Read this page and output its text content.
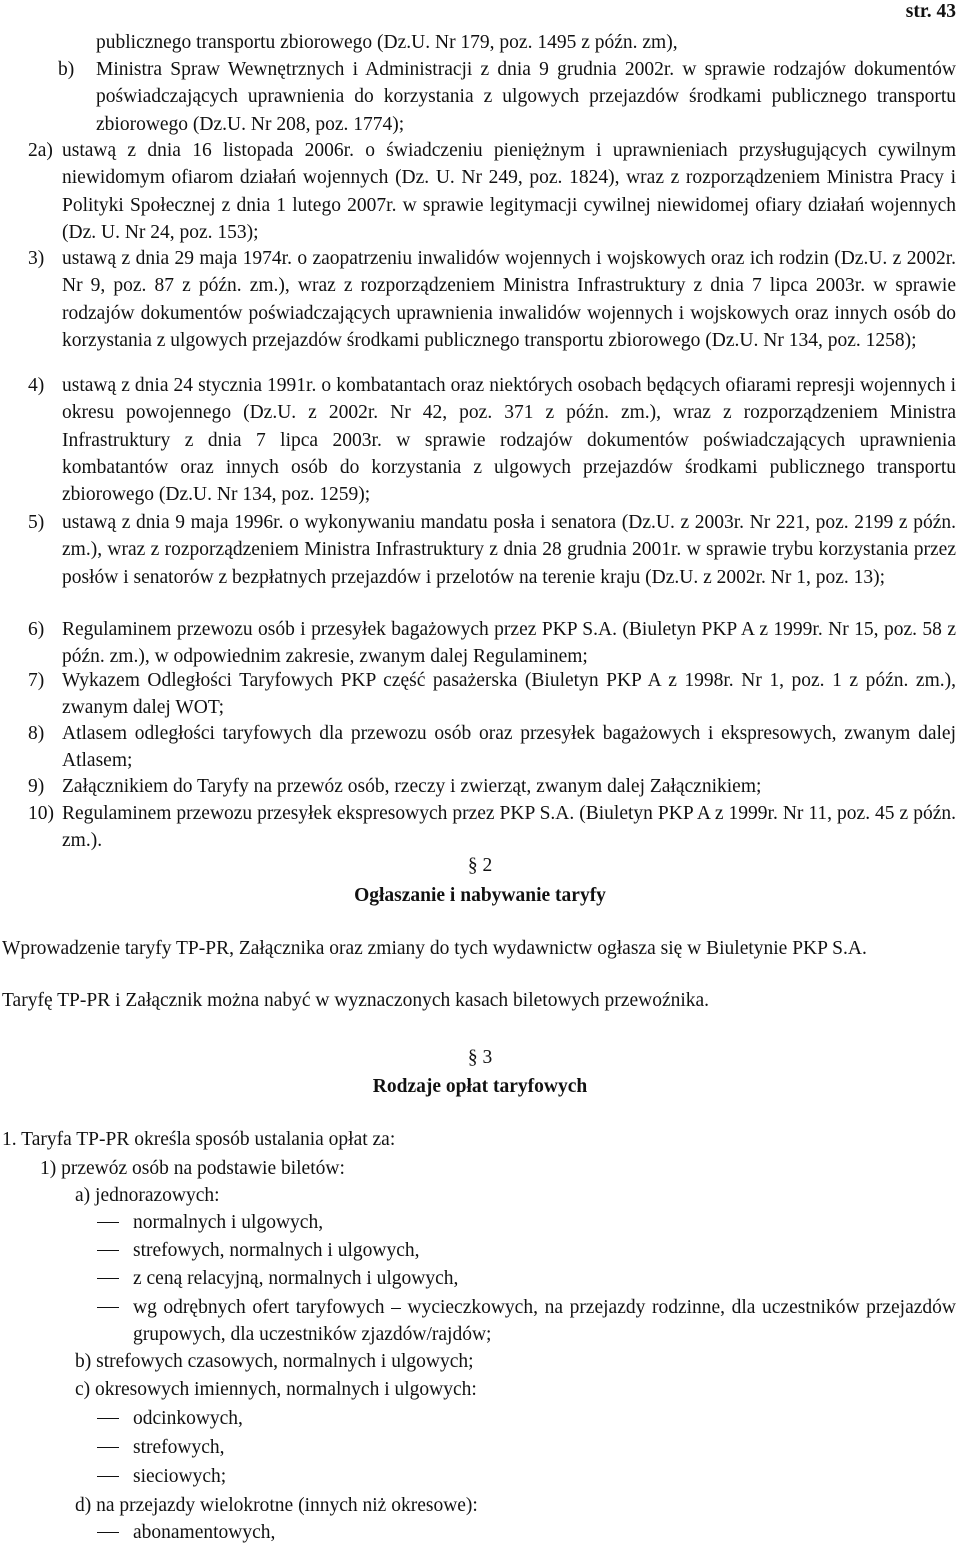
str. 43
publicznego transportu zbiorowego (Dz.U. Nr 179, poz. 1495 z późn. zm),
b) Ministra Spraw Wewnętrznych i Administracji z dnia 9 grudnia 2002r. w sprawie rodzajów dokumentów poświadczających uprawnienia do korzystania z ulgowych przejazdów środkami publicznego transportu zbiorowego (Dz.U. Nr 208, poz. 1774);
2a) ustawą z dnia 16 listopada 2006r. o świadczeniu pieniężnym i uprawnieniach przysługujących cywilnym niewidomym ofiarom działań wojennych (Dz. U. Nr 249, poz. 1824), wraz z rozporządzeniem Ministra Pracy i Polityki Społecznej z dnia 1 lutego 2007r. w sprawie legitymacji cywilnej niewidomej ofiary działań wojennych (Dz. U. Nr 24, poz. 153);
3) ustawą z dnia 29 maja 1974r. o zaopatrzeniu inwalidów wojennych i wojskowych oraz ich rodzin (Dz.U. z 2002r. Nr 9, poz. 87 z późn. zm.), wraz z rozporządzeniem Ministra Infrastruktury z dnia 7 lipca 2003r. w sprawie rodzajów dokumentów poświadczających uprawnienia inwalidów wojennych i wojskowych oraz innych osób do korzystania z ulgowych przejazdów środkami publicznego transportu zbiorowego (Dz.U. Nr 134, poz. 1258);
4) ustawą z dnia 24 stycznia 1991r. o kombatantach oraz niektórych osobach będących ofiarami represji wojennych i okresu powojennego (Dz.U. z 2002r. Nr 42, poz. 371 z późn. zm.), wraz z rozporządzeniem Ministra Infrastruktury z dnia 7 lipca 2003r. w sprawie rodzajów dokumentów poświadczających uprawnienia kombatantów oraz innych osób do korzystania z ulgowych przejazdów środkami publicznego transportu zbiorowego (Dz.U. Nr 134, poz. 1259);
5) ustawą z dnia 9 maja 1996r. o wykonywaniu mandatu posła i senatora (Dz.U. z 2003r. Nr 221, poz. 2199 z późn. zm.), wraz z rozporządzeniem Ministra Infrastruktury z dnia 28 grudnia 2001r. w sprawie trybu korzystania przez posłów i senatorów z bezpłatnych przejazdów i przelotów na terenie kraju (Dz.U. z 2002r. Nr 1, poz. 13);
6) Regulaminem przewozu osób i przesyłek bagażowych przez PKP S.A. (Biuletyn PKP A z 1999r. Nr 15, poz. 58 z późn. zm.), w odpowiednim zakresie, zwanym dalej Regulaminem;
7) Wykazem Odległości Taryfowych PKP część pasażerska (Biuletyn PKP A z 1998r. Nr 1, poz. 1 z późn. zm.), zwanym dalej WOT;
8) Atlasem odległości taryfowych dla przewozu osób oraz przesyłek bagażowych i ekspresowych, zwanym dalej Atlasem;
9) Załącznikiem do Taryfy na przewóz osób, rzeczy i zwierząt, zwanym dalej Załącznikiem;
10) Regulaminem przewozu przesyłek ekspresowych przez PKP S.A. (Biuletyn PKP A z 1999r. Nr 11, poz. 45 z późn. zm.).
§ 2
Ogłaszanie i nabywanie taryfy
Wprowadzenie taryfy TP-PR, Załącznika oraz zmiany do tych wydawnictw ogłasza się w Biuletynie PKP S.A.
Taryfę TP-PR i Załącznik można nabyć w wyznaczonych kasach biletowych przewoźnika.
§ 3
Rodzaje opłat taryfowych
1. Taryfa TP-PR określa sposób ustalania opłat za:
1) przewóz osób na podstawie biletów:
a) jednorazowych:
normalnych i ulgowych,
strefowych, normalnych i ulgowych,
z ceną relacyjną, normalnych i ulgowych,
wg odrębnych ofert taryfowych – wycieczkowych, na przejazdy rodzinne, dla uczestników przejazdów grupowych, dla uczestników zjazdów/rajdów;
b) strefowych czasowych, normalnych i ulgowych;
c) okresowych imiennych, normalnych i ulgowych:
odcinkowych,
strefowych,
sieciowych;
d) na przejazdy wielokrotne (innych niż okresowe):
abonamentowych,
